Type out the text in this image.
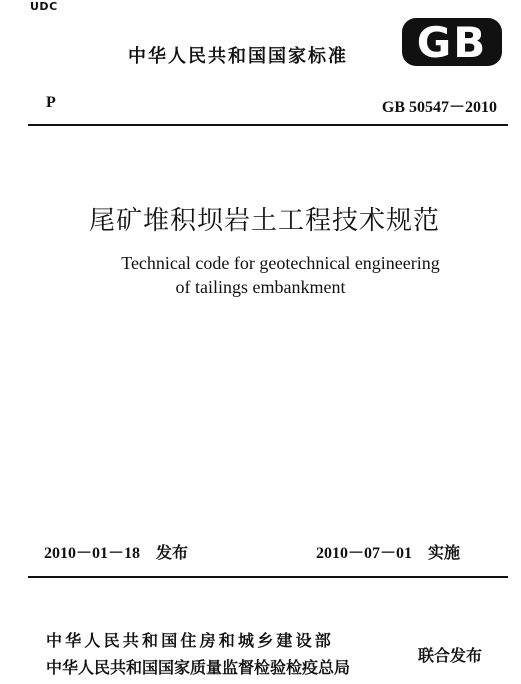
UDC
中华人民共和国国家标准 GB
P	GB 50547－2010
尾矿堆积坝岩土工程技术规范
Technical code for geotechnical engineering
of tailings embankment
2010－01－18 发布	2010－07－01 实施
中华人民共和国住房和城乡建设部
中华人民共和国国家质量监督检验检疫总局
联合发布
